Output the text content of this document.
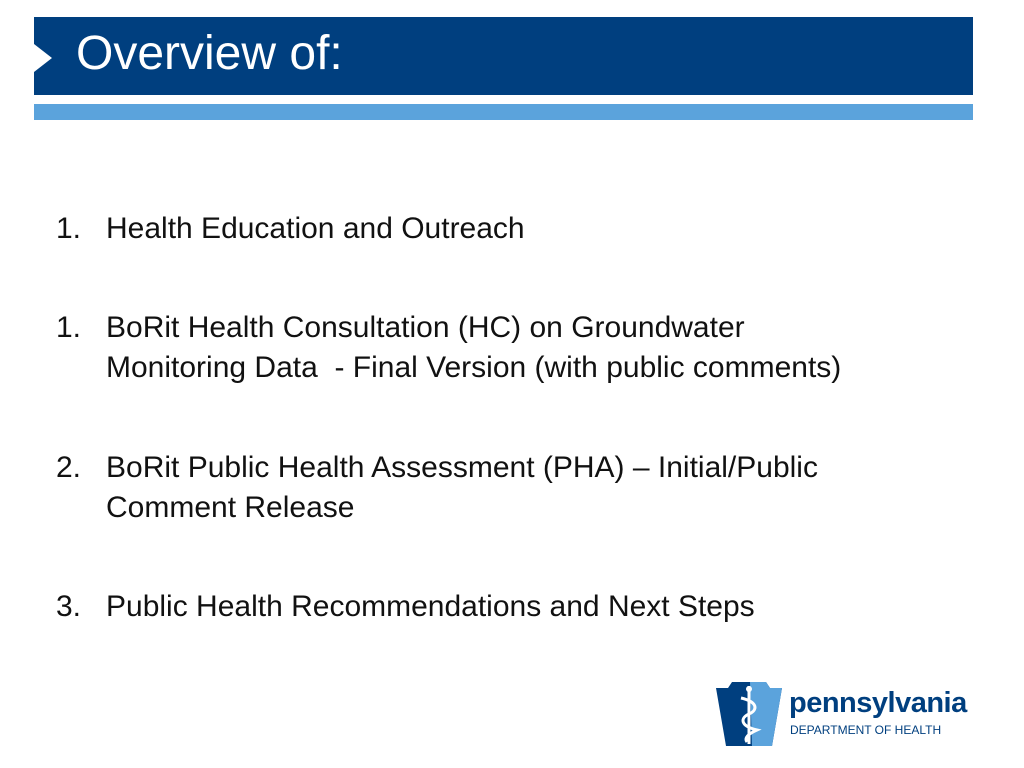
Overview of:
1. Health Education and Outreach
1. BoRit Health Consultation (HC) on Groundwater Monitoring Data  - Final Version (with public comments)
2. BoRit Public Health Assessment (PHA) – Initial/Public Comment Release
3. Public Health Recommendations and Next Steps

pennsylvania

DEPARTMENT OF HEALTH
